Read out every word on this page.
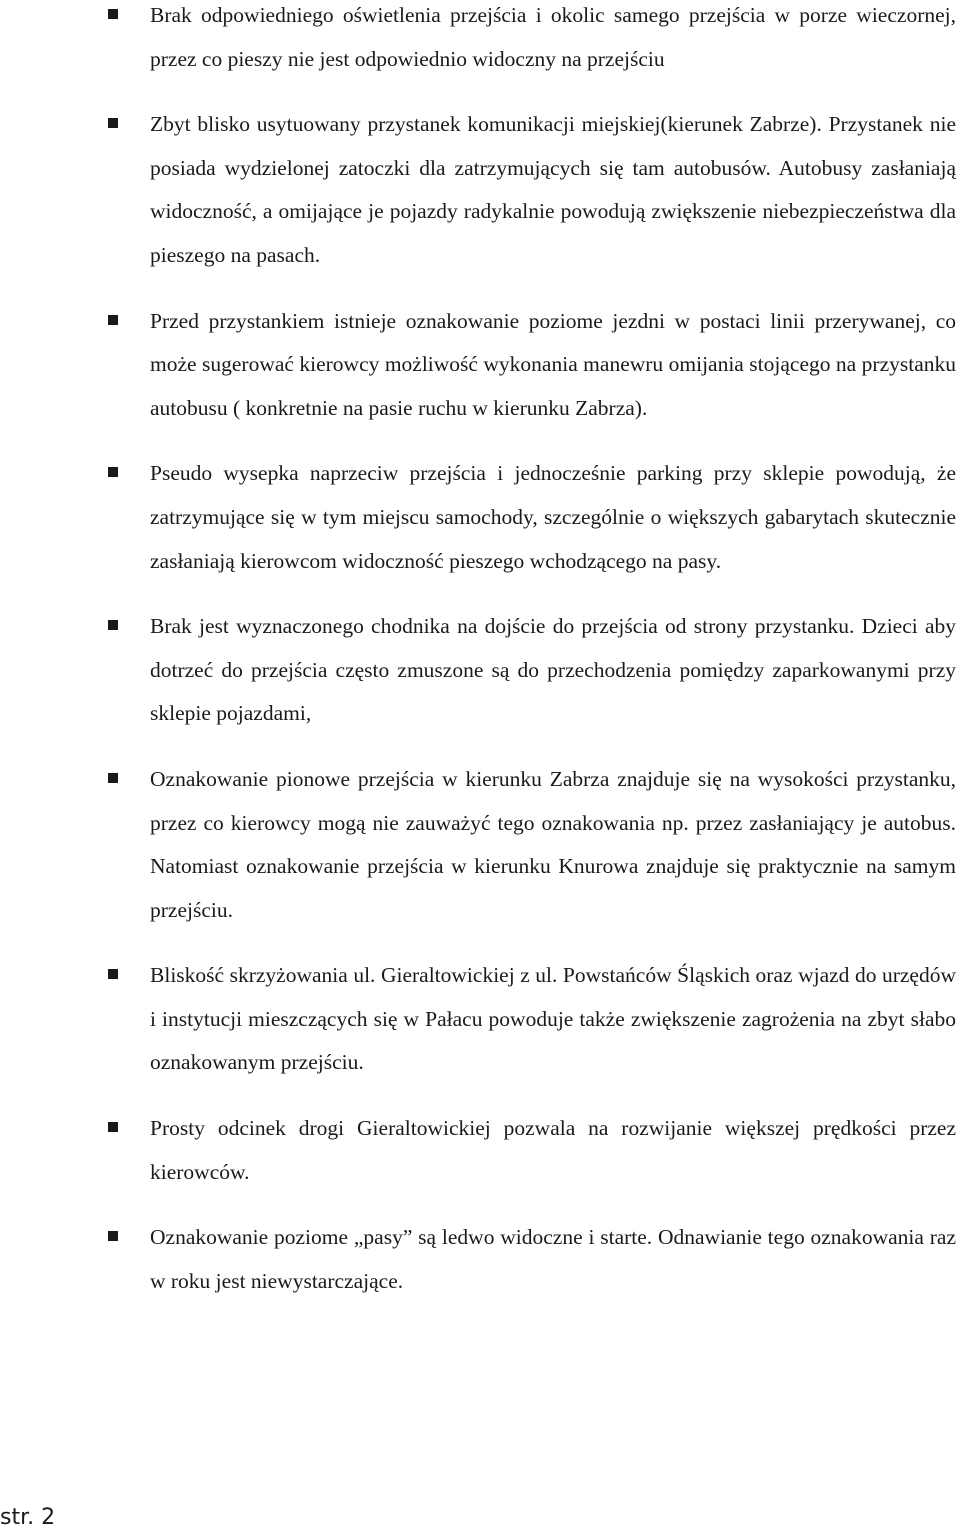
Brak odpowiedniego oświetlenia przejścia i okolic samego przejścia w porze wieczornej, przez co pieszy nie jest odpowiednio widoczny na przejściu
Zbyt blisko usytuowany przystanek komunikacji miejskiej(kierunek Zabrze). Przystanek nie posiada wydzielonej zatoczki dla zatrzymujących się tam autobusów. Autobusy zasłaniają widoczność, a omijające je pojazdy radykalnie powodują zwiększenie niebezpieczeństwa dla pieszego na pasach.
Przed przystankiem istnieje oznakowanie poziome jezdni w postaci linii przerywanej, co może sugerować kierowcy możliwość wykonania manewru omijania stojącego na przystanku autobusu ( konkretnie na pasie ruchu w kierunku Zabrza).
Pseudo wysepka naprzeciw przejścia i jednocześnie parking przy sklepie powodują, że zatrzymujące się w tym miejscu samochody, szczególnie o większych gabarytach skutecznie zasłaniają kierowcom widoczność pieszego wchodzącego na pasy.
Brak jest wyznaczonego chodnika na dojście do przejścia od strony przystanku. Dzieci aby dotrzeć do przejścia często zmuszone są do przechodzenia pomiędzy zaparkowanymi przy sklepie pojazdami,
Oznakowanie pionowe przejścia w kierunku Zabrza znajduje się na wysokości przystanku, przez co kierowcy mogą nie zauważyć tego oznakowania np. przez zasłaniający je autobus. Natomiast oznakowanie przejścia w kierunku Knurowa znajduje się praktycznie na samym przejściu.
Bliskość skrzyżowania ul. Gieraltowickiej z ul. Powstańców Śląskich oraz wjazd do urzędów i instytucji mieszczących się w Pałacu powoduje także zwiększenie zagrożenia na zbyt słabo oznakowanym przejściu.
Prosty odcinek drogi Gieraltowickiej pozwala na rozwijanie większej prędkości przez kierowców.
Oznakowanie poziome „pasy” są ledwo widoczne i starte. Odnawianie tego oznakowania raz w roku jest niewystarczające.
str. 2
